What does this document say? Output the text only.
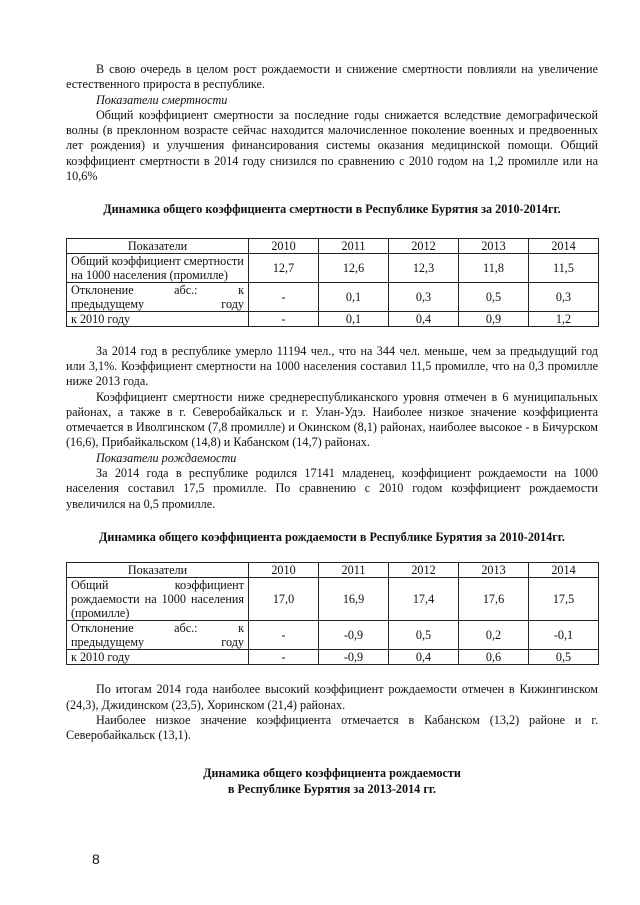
В свою очередь в целом рост рождаемости и снижение смертности повлияли на увеличение естественного прироста в республике.

Показатели смертности

Общий коэффициент смертности за последние годы снижается вследствие демографической волны (в преклонном возрасте сейчас находится малочисленное поколение военных и предвоенных лет рождения) и улучшения финансирования системы оказания медицинской помощи. Общий коэффициент смертности в 2014 году снизился по сравнению с 2010 годом на 1,2 промилле или на 10,6%

Динамика общего коэффициента смертности в Республике Бурятия за 2010-2014гг.

Показатели	2010	2011	2012	2013	2014
Общий коэффициент смертности на 1000 населения (промилле)	12,7	12,6	12,3	11,8	11,5
Отклонение абс.: к предыдущему году	-	0,1	0,3	0,5	0,3
к 2010 году	-	0,1	0,4	0,9	1,2

За 2014 год в республике умерло 11194 чел., что на 344 чел. меньше, чем за предыдущий год или 3,1%. Коэффициент смертности на 1000 населения составил 11,5 промилле, что на 0,3 промилле ниже 2013 года.

Коэффициент смертности ниже среднереспубликанского уровня отмечен в 6 муниципальных районах, а также в г. Северобайкальск и г. Улан-Удэ. Наиболее низкое значение коэффициента отмечается в Иволгинском (7,8 промилле) и Окинском (8,1) районах, наиболее высокое - в Бичурском (16,6), Прибайкальском (14,8) и Кабанском (14,7) районах.

Показатели рождаемости

За 2014 года в республике родился 17141 младенец, коэффициент рождаемости на 1000 населения составил 17,5 промилле. По сравнению с 2010 годом коэффициент рождаемости увеличился на 0,5 промилле.

Динамика общего коэффициента рождаемости в Республике Бурятия за 2010-2014гг.

Показатели	2010	2011	2012	2013	2014
Общий коэффициент рождаемости на 1000 населения (промилле)	17,0	16,9	17,4	17,6	17,5
Отклонение абс.: к предыдущему году	-	-0,9	0,5	0,2	-0,1
к 2010 году	-	-0,9	0,4	0,6	0,5

По итогам 2014 года наиболее высокий коэффициент рождаемости отмечен в Кижингинском (24,3), Джидинском (23,5), Хоринском (21,4) районах.

Наиболее низкое значение коэффициента отмечается в Кабанском (13,2) районе и г. Северобайкальск (13,1).

Динамика общего коэффициента рождаемости

в Республике Бурятия за 2013-2014 гг.

8
